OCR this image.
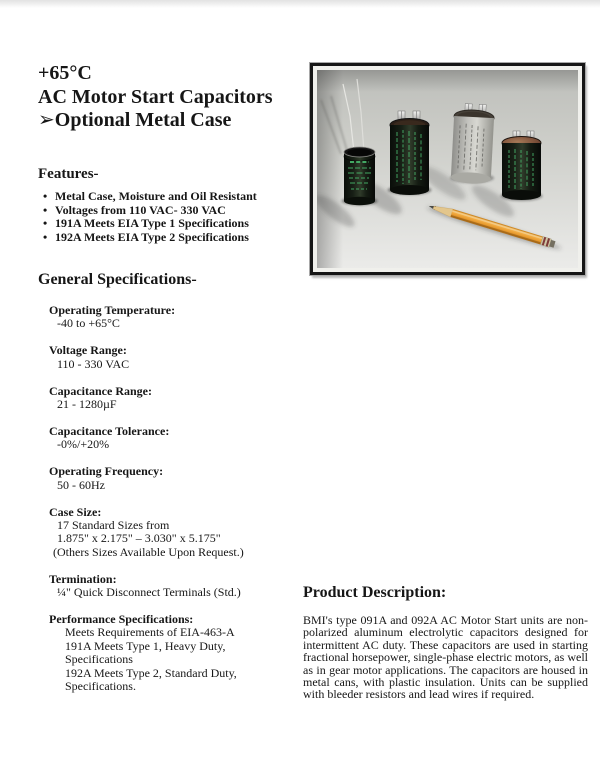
+65°C
AC Motor Start Capacitors
➢Optional Metal Case
Features-
• Metal Case, Moisture and Oil Resistant
• Voltages from 110 VAC- 330 VAC
• 191A Meets EIA Type 1 Specifications
• 192A Meets EIA Type 2 Specifications
General Specifications-
Operating Temperature:
-40 to +65°C
Voltage Range:
110 - 330 VAC
Capacitance Range:
21 - 1280µF
Capacitance Tolerance:
-0%/+20%
Operating Frequency:
50 - 60Hz
Case Size:
17 Standard Sizes from
1.875" x 2.175" – 3.030" x 5.175"
(Others Sizes Available Upon Request.)
Termination:
¼" Quick Disconnect Terminals (Std.)
Performance Specifications:
Meets Requirements of EIA-463-A
191A Meets Type 1, Heavy Duty,
Specifications
192A Meets Type 2, Standard Duty,
Specifications.
Product Description:

BMI's type 091A and 092A AC Motor Start units are non-polarized aluminum electrolytic capacitors designed for intermittent AC duty. These capacitors are used in starting fractional horsepower, single-phase electric motors, as well as in gear motor applications. The capacitors are housed in metal cans, with plastic insulation. Units can be supplied with bleeder resistors and lead wires if required.
